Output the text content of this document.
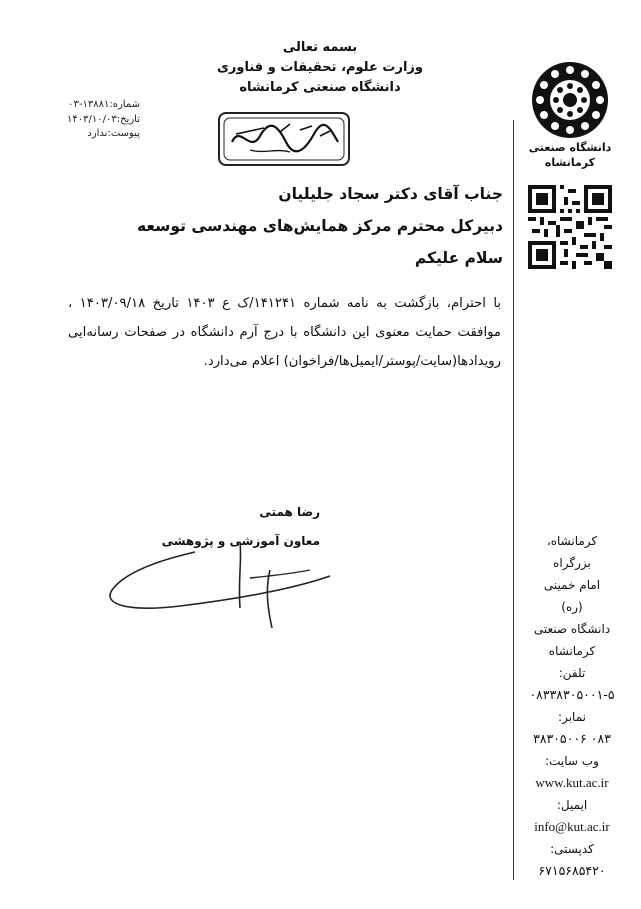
بسمه تعالی
وزارت علوم، تحقیقات و فناوری
دانشگاه صنعتی کرمانشاه
شماره:۱۳۸۸۱-۰۳
تاریخ:۱۴۰۳/۱۰/۰۳
پیوست:ندارد
دانشگاه صنعتی
کرمانشاه
جناب آقای دکتر سجاد جلیلیان
دبیرکل محترم مرکز همایش‌های مهندسی توسعه
سلام علیکم
با احترام، بازگشت به نامه شماره ۱۴۱۲۴۱/ک ع ۱۴۰۳ تاریخ ۱۴۰۳/۰۹/۱۸ ، موافقت حمایت معنوی این دانشگاه با درج آرم دانشگاه در صفحات رسانه‌ایی رویدادها(سایت/پوستر/ایمیل‌ها/فراخوان) اعلام می‌دارد.
رضا همتی
معاون آموزشی و پژوهشی	کرمانشاه،
بزرگراه
امام خمینی
(ره)
دانشگاه صنعتی
کرمانشاه
تلفن:
۰۸۳۳۸۳۰۵۰۰۱-۵
نمابر:
۰۸۳ ۳۸۳۰۵۰۰۶
وب سایت:
www.kut.ac.ir
ایمیل:
info@kut.ac.ir
کدپستی:
۶۷۱۵۶۸۵۴۲۰
